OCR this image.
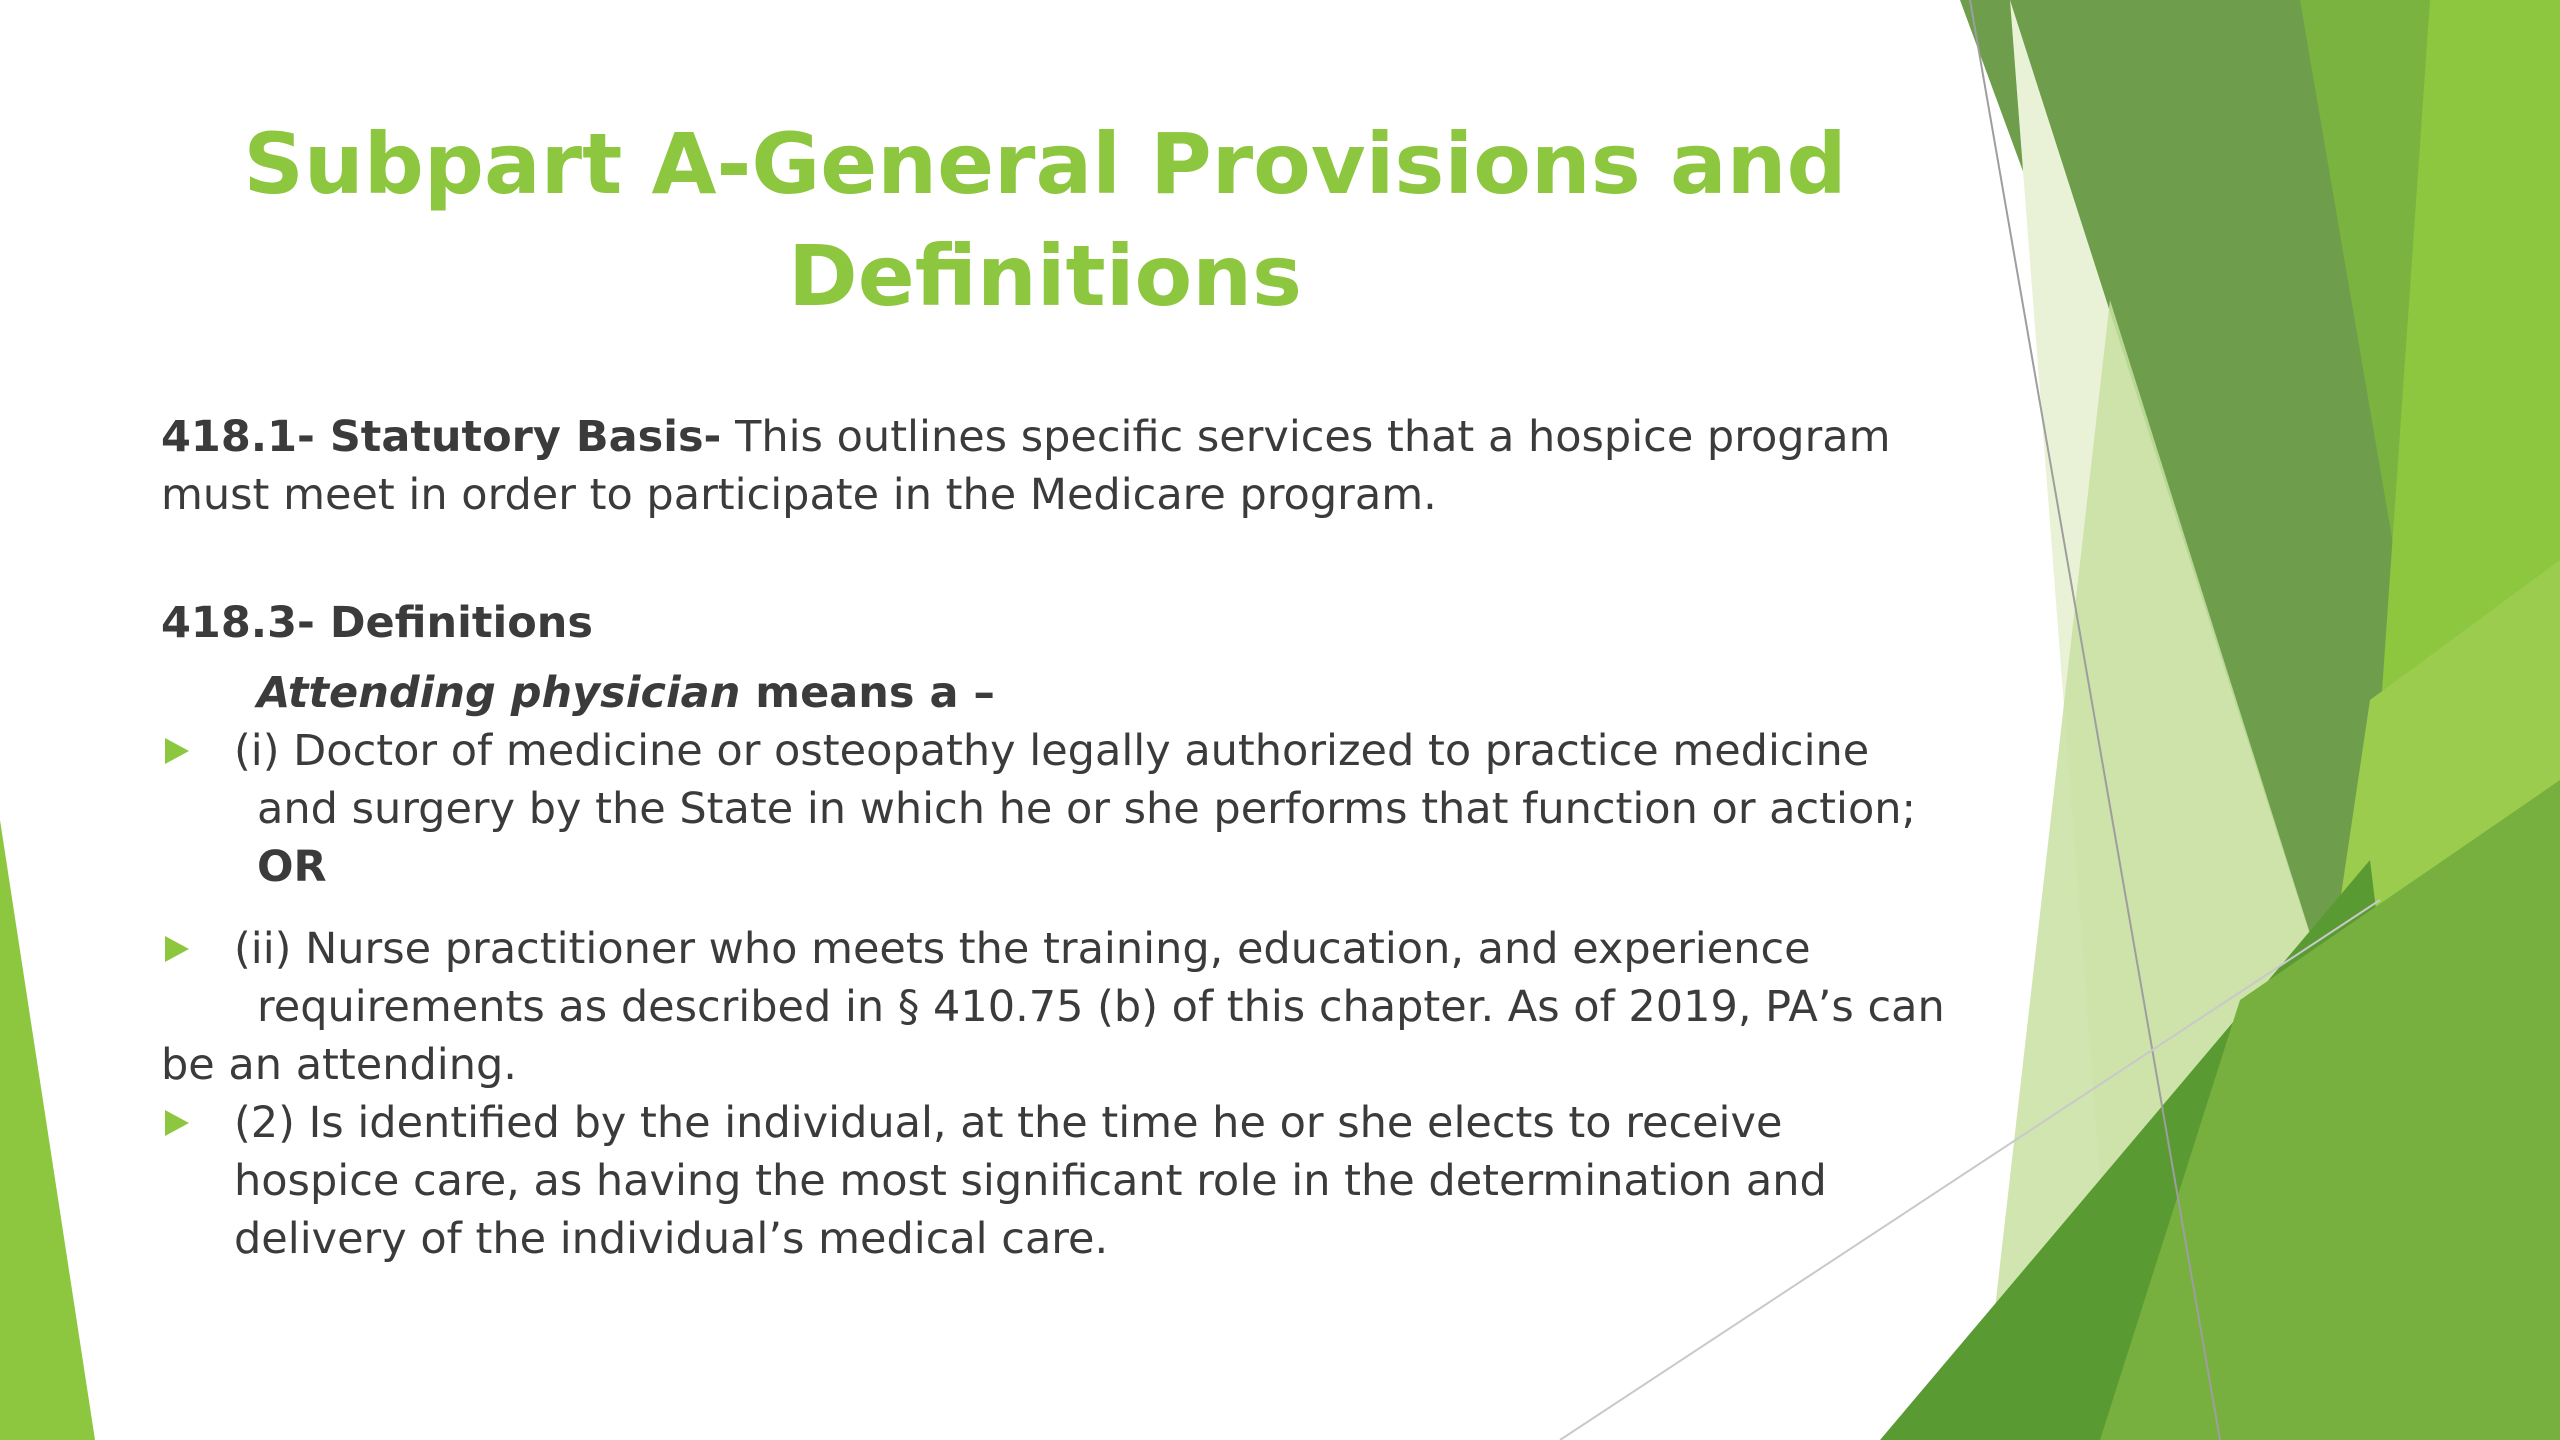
Subpart A-General Provisions and
Definitions

418.1- Statutory Basis- This outlines specific services that a hospice program
must meet in order to participate in the Medicare program.

418.3- Definitions

Attending physician means a –

(i) Doctor of medicine or osteopathy legally authorized to practice medicine
and surgery by the State in which he or she performs that function or action;
OR
(ii) Nurse practitioner who meets the training, education, and experience
requirements as described in § 410.75 (b) of this chapter. As of 2019, PA’s can
be an attending.
(2) Is identified by the individual, at the time he or she elects to receive
hospice care, as having the most significant role in the determination and
delivery of the individual’s medical care.
